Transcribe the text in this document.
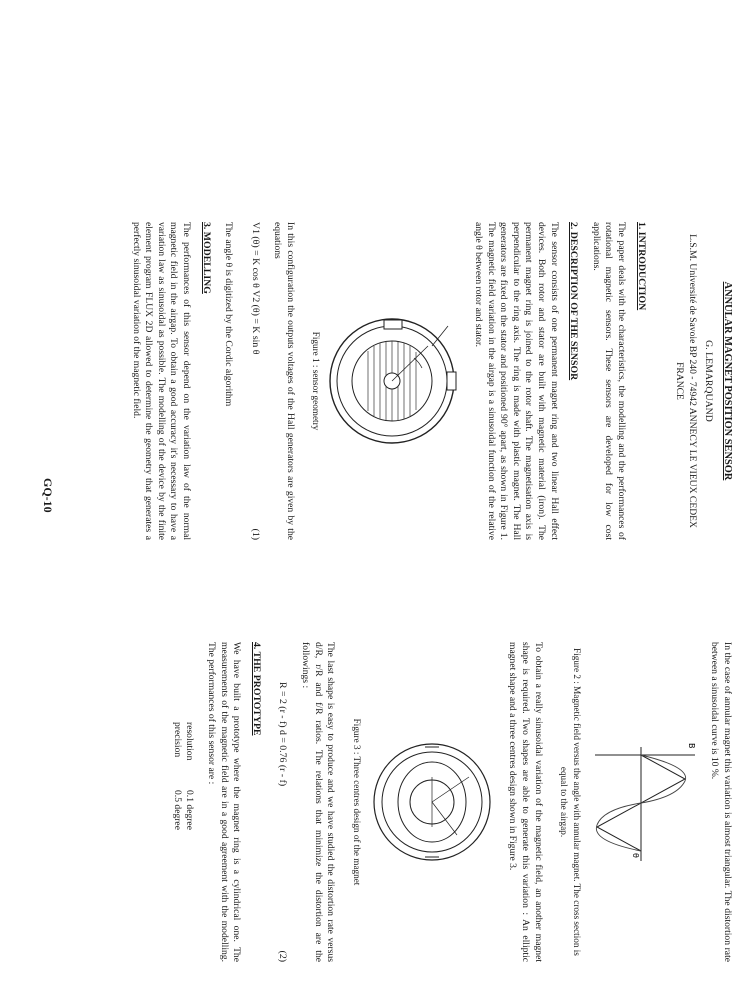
ANNULAR MAGNET POSITION SENSOR
G. LEMARQUAND
L.S.M. Université de Savoie BP 240 - 74942 ANNECY LE VIEUX CEDEX FRANCE
1. INTRODUCTION

The paper deals with the characteristics, the modelling and the performances of rotational magnetic sensors. These sensors are developed for low cost applications.

2. DESCRIPTION OF THE SENSOR

The sensor consists of one permanent magnet ring and two linear Hall effect devices. Both rotor and stator are built with magnetic material (iron). The permanent magnet ring is joined to the rotor shaft. The magnetisation axis is perpendicular to the ring axis. The ring is made with plastic magnet. The Hall generators are fixed on the stator and positioned 90° apart, as shown in Figure 1. The magnetic field variation in the airgap is a sinusoidal function of the relative angle θ between rotor and stator.

Figure 1 : sensor geometry

In this configuration the outputs voltages of the Hall generators are given by the equations

V1 (θ) = K cos θ V2 (θ) = K sin θ
(1)

The angle θ is digitized by the Cordic algorithm

3. MODELLING

The performances of this sensor depend on the variation law of the normal magnetic field in the airgap. To obtain a good accuracy it's necessary to have a variation law as sinusoidal as possible. The modelling of the device by the finite element program FLUX 2D allowed to determine the geometry that generates a perfectly sinusoidal variation of the magnetic field.

In the case of annular magnet this variation is almost triangular. The distortion rate between a sinusoidal curve is 10 %.

B
θ
Figure 2 : Magnetic field versus the angle with annular magnet. The cross section is equal to the airgap.

To obtain a really sinusoidal variation of the magnetic field, an another magnet shape is required. Two shapes are able to generate this variation : An elliptic magnet shape and a three centres design shown in Figure 3.

Figure 3 : Three centres design of the magnet

The last shape is easy to produce and we have studied the distortion rate versus d/R, r/R and f/R ratios. The relations that minimize the distortion are the followings :

R = 2 (r - f) d = 0.76 (r - f)
(2)
4. THE PROTOTYPE

We have built a prototype where the magnet ring is a cylindrical one. The measurements of the magnetic field are in a good agreement with the modelling. The performances of this sensor are :

resolution
0.1 degree
precision
0.5 degree
GQ-10
